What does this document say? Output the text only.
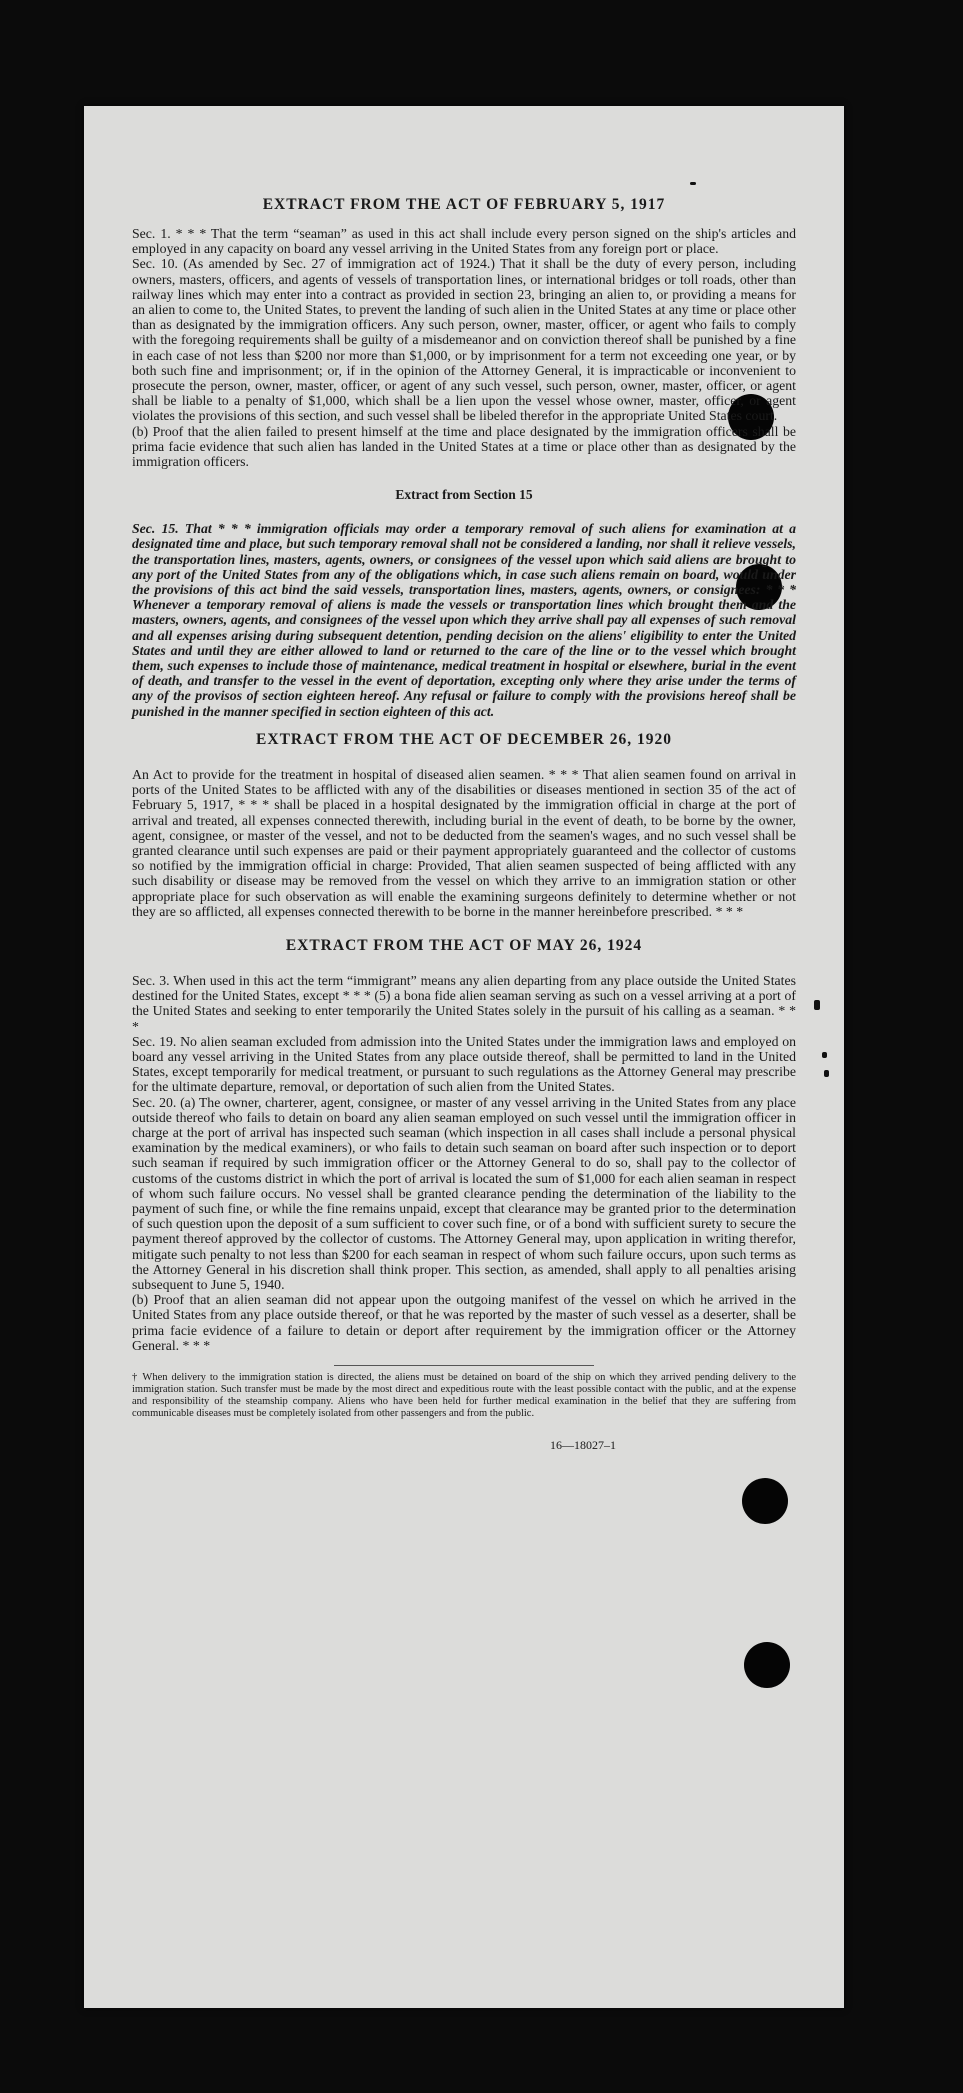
EXTRACT FROM THE ACT OF FEBRUARY 5, 1917

Sec. 1. * * * That the term “seaman” as used in this act shall include every person signed on the ship's articles and employed in any capacity on board any vessel arriving in the United States from any foreign port or place.

Sec. 10. (As amended by Sec. 27 of immigration act of 1924.) That it shall be the duty of every person, including owners, masters, officers, and agents of vessels of transportation lines, or international bridges or toll roads, other than railway lines which may enter into a contract as provided in section 23, bringing an alien to, or providing a means for an alien to come to, the United States, to prevent the landing of such alien in the United States at any time or place other than as designated by the immigration officers. Any such person, owner, master, officer, or agent who fails to comply with the foregoing requirements shall be guilty of a misdemeanor and on conviction thereof shall be punished by a fine in each case of not less than $200 nor more than $1,000, or by imprisonment for a term not exceeding one year, or by both such fine and imprisonment; or, if in the opinion of the Attorney General, it is impracticable or inconvenient to prosecute the person, owner, master, officer, or agent of any such vessel, such person, owner, master, officer, or agent shall be liable to a penalty of $1,000, which shall be a lien upon the vessel whose owner, master, officer, or agent violates the provisions of this section, and such vessel shall be libeled therefor in the appropriate United States court.

(b) Proof that the alien failed to present himself at the time and place designated by the immigration officers shall be prima facie evidence that such alien has landed in the United States at a time or place other than as designated by the immigration officers.

Extract from Section 15

Sec. 15. That * * * immigration officials may order a temporary removal of such aliens for examination at a designated time and place, but such temporary removal shall not be considered a landing, nor shall it relieve vessels, the transportation lines, masters, agents, owners, or consignees of the vessel upon which said aliens are brought to any port of the United States from any of the obligations which, in case such aliens remain on board, would under the provisions of this act bind the said vessels, transportation lines, masters, agents, owners, or consignees: * * * Whenever a temporary removal of aliens is made the vessels or transportation lines which brought them and the masters, owners, agents, and consignees of the vessel upon which they arrive shall pay all expenses of such removal and all expenses arising during subsequent detention, pending decision on the aliens' eligibility to enter the United States and until they are either allowed to land or returned to the care of the line or to the vessel which brought them, such expenses to include those of maintenance, medical treatment in hospital or elsewhere, burial in the event of death, and transfer to the vessel in the event of deportation, excepting only where they arise under the terms of any of the provisos of section eighteen hereof. Any refusal or failure to comply with the provisions hereof shall be punished in the manner specified in section eighteen of this act.

EXTRACT FROM THE ACT OF DECEMBER 26, 1920

An Act to provide for the treatment in hospital of diseased alien seamen. * * * That alien seamen found on arrival in ports of the United States to be afflicted with any of the disabilities or diseases mentioned in section 35 of the act of February 5, 1917, * * * shall be placed in a hospital designated by the immigration official in charge at the port of arrival and treated, all expenses connected therewith, including burial in the event of death, to be borne by the owner, agent, consignee, or master of the vessel, and not to be deducted from the seamen's wages, and no such vessel shall be granted clearance until such expenses are paid or their payment appropriately guaranteed and the collector of customs so notified by the immigration official in charge: Provided, That alien seamen suspected of being afflicted with any such disability or disease may be removed from the vessel on which they arrive to an immigration station or other appropriate place for such observation as will enable the examining surgeons definitely to determine whether or not they are so afflicted, all expenses connected therewith to be borne in the manner hereinbefore prescribed. * * *

EXTRACT FROM THE ACT OF MAY 26, 1924

Sec. 3. When used in this act the term “immigrant” means any alien departing from any place outside the United States destined for the United States, except * * * (5) a bona fide alien seaman serving as such on a vessel arriving at a port of the United States and seeking to enter temporarily the United States solely in the pursuit of his calling as a seaman. * * *

Sec. 19. No alien seaman excluded from admission into the United States under the immigration laws and employed on board any vessel arriving in the United States from any place outside thereof, shall be permitted to land in the United States, except temporarily for medical treatment, or pursuant to such regulations as the Attorney General may prescribe for the ultimate departure, removal, or deportation of such alien from the United States.

Sec. 20. (a) The owner, charterer, agent, consignee, or master of any vessel arriving in the United States from any place outside thereof who fails to detain on board any alien seaman employed on such vessel until the immigration officer in charge at the port of arrival has inspected such seaman (which inspection in all cases shall include a personal physical examination by the medical examiners), or who fails to detain such seaman on board after such inspection or to deport such seaman if required by such immigration officer or the Attorney General to do so, shall pay to the collector of customs of the customs district in which the port of arrival is located the sum of $1,000 for each alien seaman in respect of whom such failure occurs. No vessel shall be granted clearance pending the determination of the liability to the payment of such fine, or while the fine remains unpaid, except that clearance may be granted prior to the determination of such question upon the deposit of a sum sufficient to cover such fine, or of a bond with sufficient surety to secure the payment thereof approved by the collector of customs. The Attorney General may, upon application in writing therefor, mitigate such penalty to not less than $200 for each seaman in respect of whom such failure occurs, upon such terms as the Attorney General in his discretion shall think proper. This section, as amended, shall apply to all penalties arising subsequent to June 5, 1940.

(b) Proof that an alien seaman did not appear upon the outgoing manifest of the vessel on which he arrived in the United States from any place outside thereof, or that he was reported by the master of such vessel as a deserter, shall be prima facie evidence of a failure to detain or deport after requirement by the immigration officer or the Attorney General. * * *

† When delivery to the immigration station is directed, the aliens must be detained on board of the ship on which they arrived pending delivery to the immigration station. Such transfer must be made by the most direct and expeditious route with the least possible contact with the public, and at the expense and responsibility of the steamship company. Aliens who have been held for further medical examination in the belief that they are suffering from communicable diseases must be completely isolated from other passengers and from the public.

16—18027–1
